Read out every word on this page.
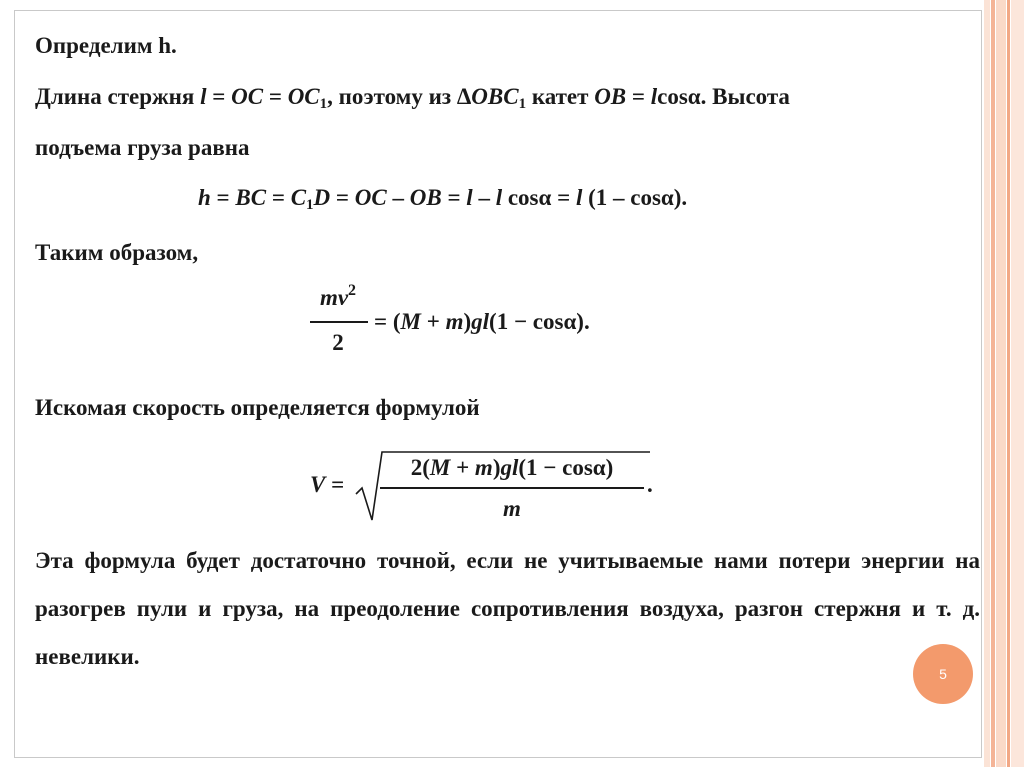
Определим h.
Длина стержня l = OC = $OC_1$, поэтому из $\Delta OBC_1$ катет OB = lcosα. Высота
подъема груза равна
h = BC = $C_1D$ = OC – OB = l – l cosα = l (1 – cosα).
Таким образом,
$mv^2$
2
= (M + m)gl(1 − cosα).
Искомая скорость определяется формулой
V =
2(M + m)gl(1 − cosα)
m
.
Эта формула будет достаточно точной, если не учитываемые нами потери энергии на разогрев пули и груза, на преодоление сопротивления воздуха, разгон стержня и т. д. невелики.
5
